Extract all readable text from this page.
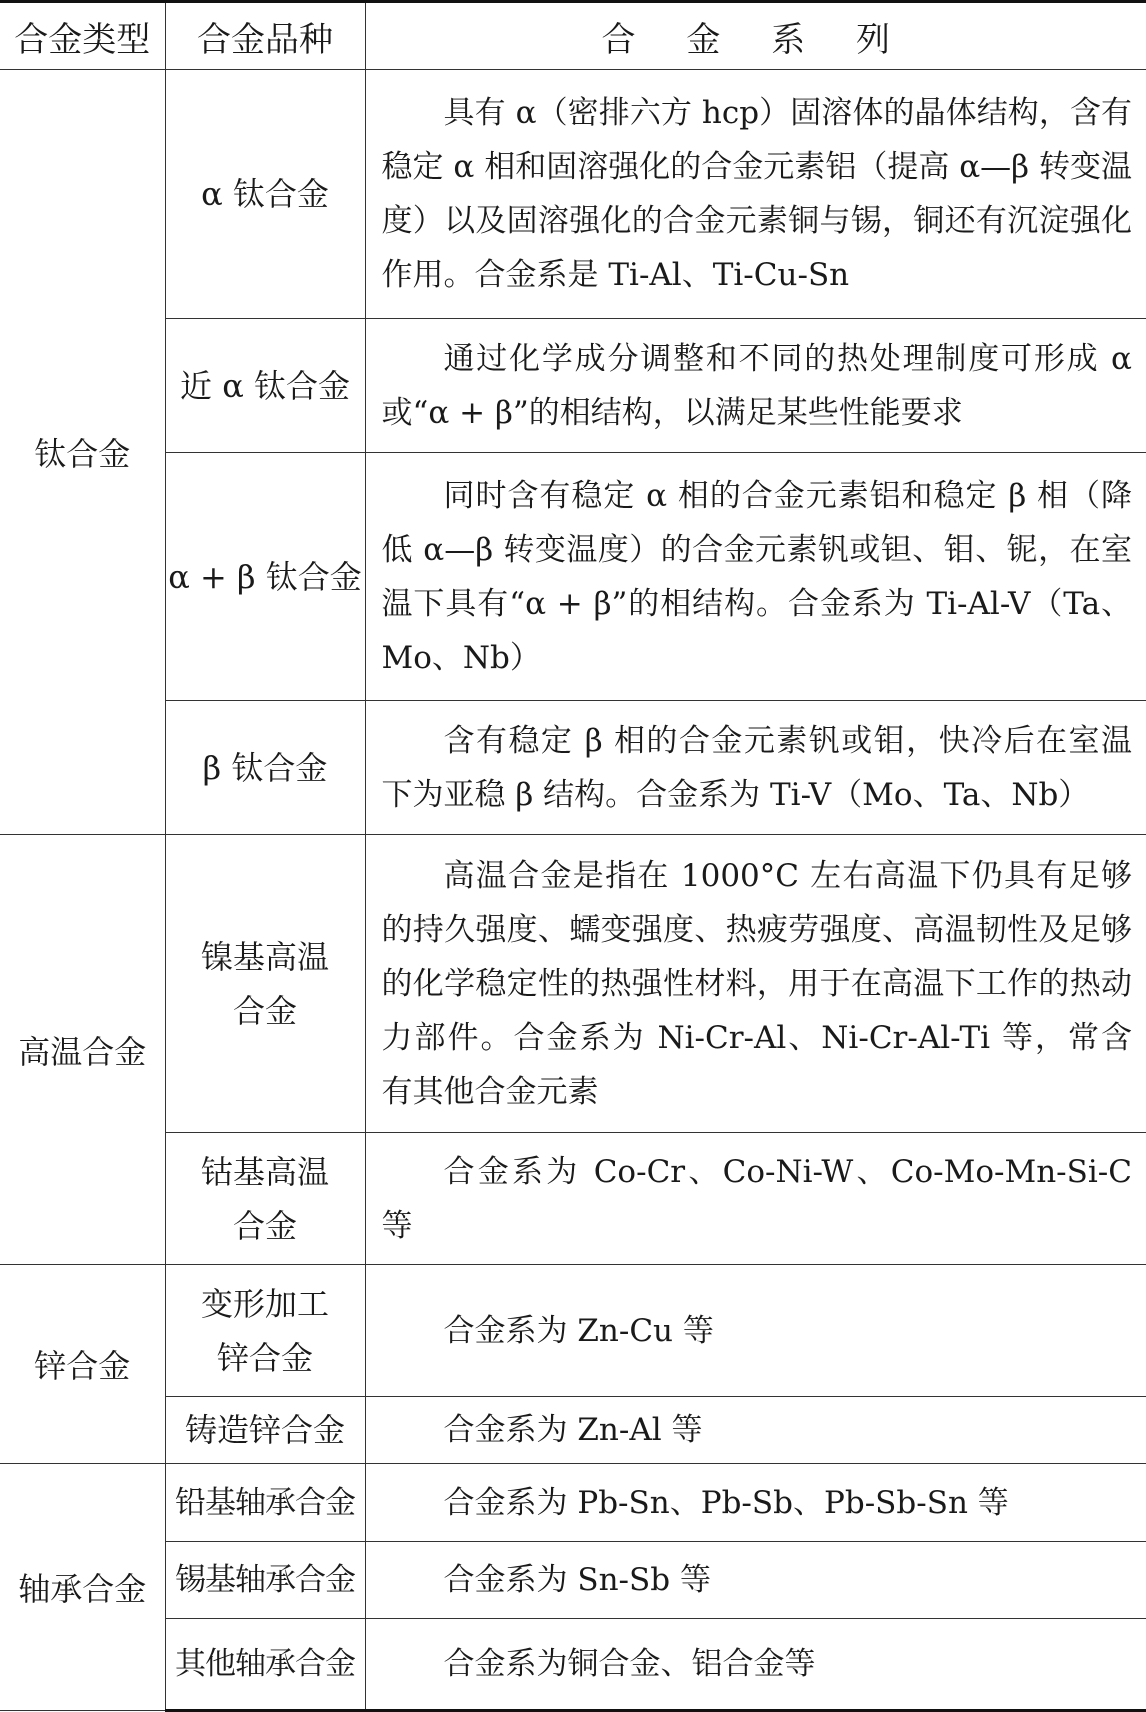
合金类型	合金品种	合 金 系 列
钛合金	α 钛合金	具有 α（密排六方 hcp）固溶体的晶体结构，含有稳定 α 相和固溶强化的合金元素铝（提高 α—β 转变温度）以及固溶强化的合金元素铜与锡，铜还有沉淀强化作用。合金系是 Ti-Al、Ti-Cu-Sn
	近 α 钛合金	通过化学成分调整和不同的热处理制度可形成 α 或“α + β”的相结构，以满足某些性能要求
	α + β 钛合金	同时含有稳定 α 相的合金元素铝和稳定 β 相（降低 α—β 转变温度）的合金元素钒或钽、钼、铌，在室温下具有“α + β”的相结构。合金系为 Ti-Al-V（Ta、Mo、Nb）
	β 钛合金	含有稳定 β 相的合金元素钒或钼，快冷后在室温下为亚稳 β 结构。合金系为 Ti-V（Mo、Ta、Nb）
高温合金	镍基高温合金	高温合金是指在 1000°C 左右高温下仍具有足够的持久强度、蠕变强度、热疲劳强度、高温韧性及足够的化学稳定性的热强性材料，用于在高温下工作的热动力部件。合金系为 Ni-Cr-Al、Ni-Cr-Al-Ti 等，常含有其他合金元素
	钴基高温合金	合金系为 Co-Cr、Co-Ni-W、Co-Mo-Mn-Si-C 等
锌合金	变形加工锌合金	合金系为 Zn-Cu 等
	铸造锌合金	合金系为 Zn-Al 等
轴承合金	铅基轴承合金	合金系为 Pb-Sn、Pb-Sb、Pb-Sb-Sn 等
	锡基轴承合金	合金系为 Sn-Sb 等
	其他轴承合金	合金系为铜合金、铝合金等
